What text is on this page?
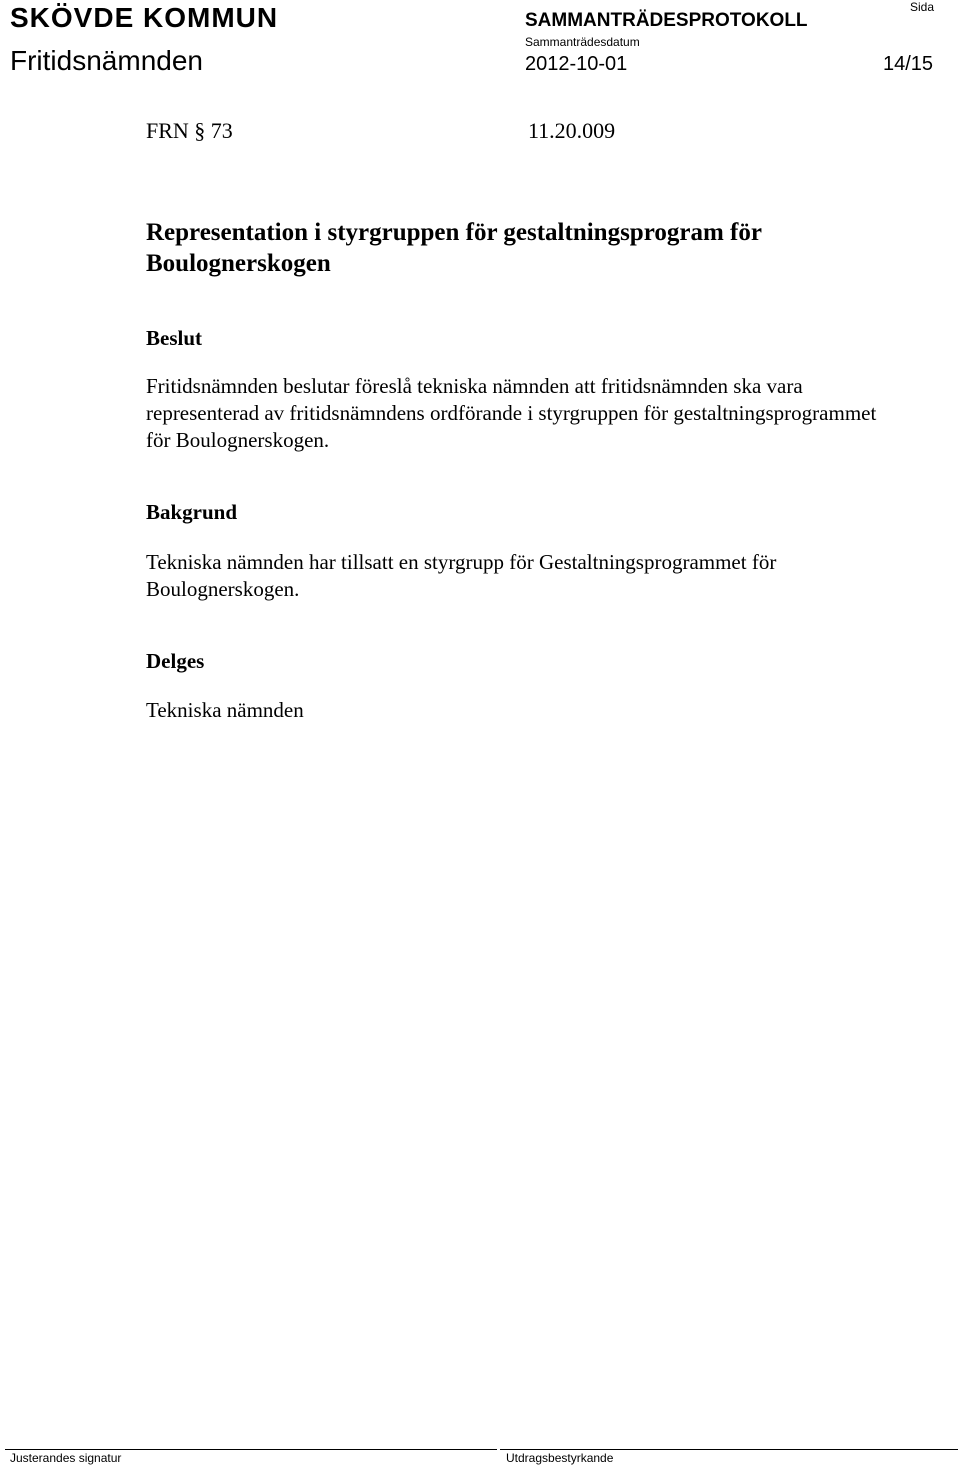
SKÖVDE KOMMUN
Fritidsnämnden
SAMMANTRÄDESPROTOKOLL
Sida
Sammanträdesdatum
2012-10-01	14/15
FRN § 73	11.20.009
Representation i styrgruppen för gestaltningsprogram för Boulognerskogen
Beslut

Fritidsnämnden beslutar föreslå tekniska nämnden att fritidsnämnden ska vara representerad av fritidsnämndens ordförande i styrgruppen för gestaltningsprogrammet för Boulognerskogen.

Bakgrund

Tekniska nämnden har tillsatt en styrgrupp för Gestaltningsprogrammet för Boulognerskogen.

Delges

Tekniska nämnden

Justerandes signatur	Utdragsbestyrkande
